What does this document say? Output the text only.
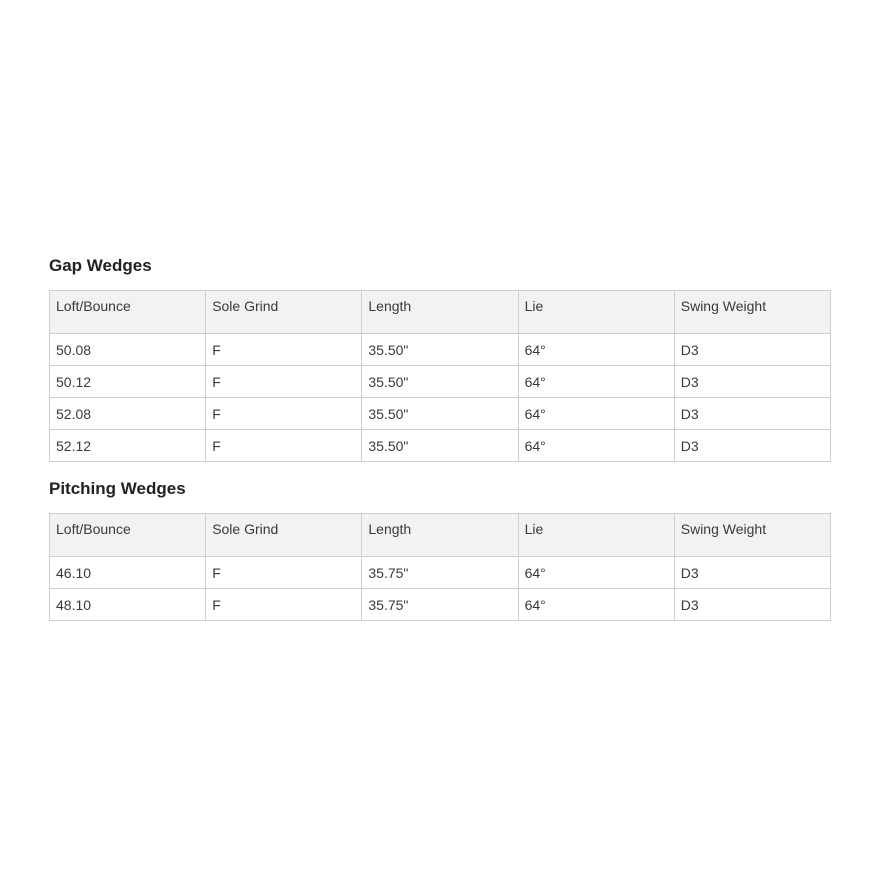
Gap Wedges
Loft/Bounce	Sole Grind	Length	Lie	Swing Weight
50.08	F	35.50"	64°	D3
50.12	F	35.50"	64°	D3
52.08	F	35.50"	64°	D3
52.12	F	35.50"	64°	D3
Pitching Wedges
Loft/Bounce	Sole Grind	Length	Lie	Swing Weight
46.10	F	35.75"	64°	D3
48.10	F	35.75"	64°	D3
